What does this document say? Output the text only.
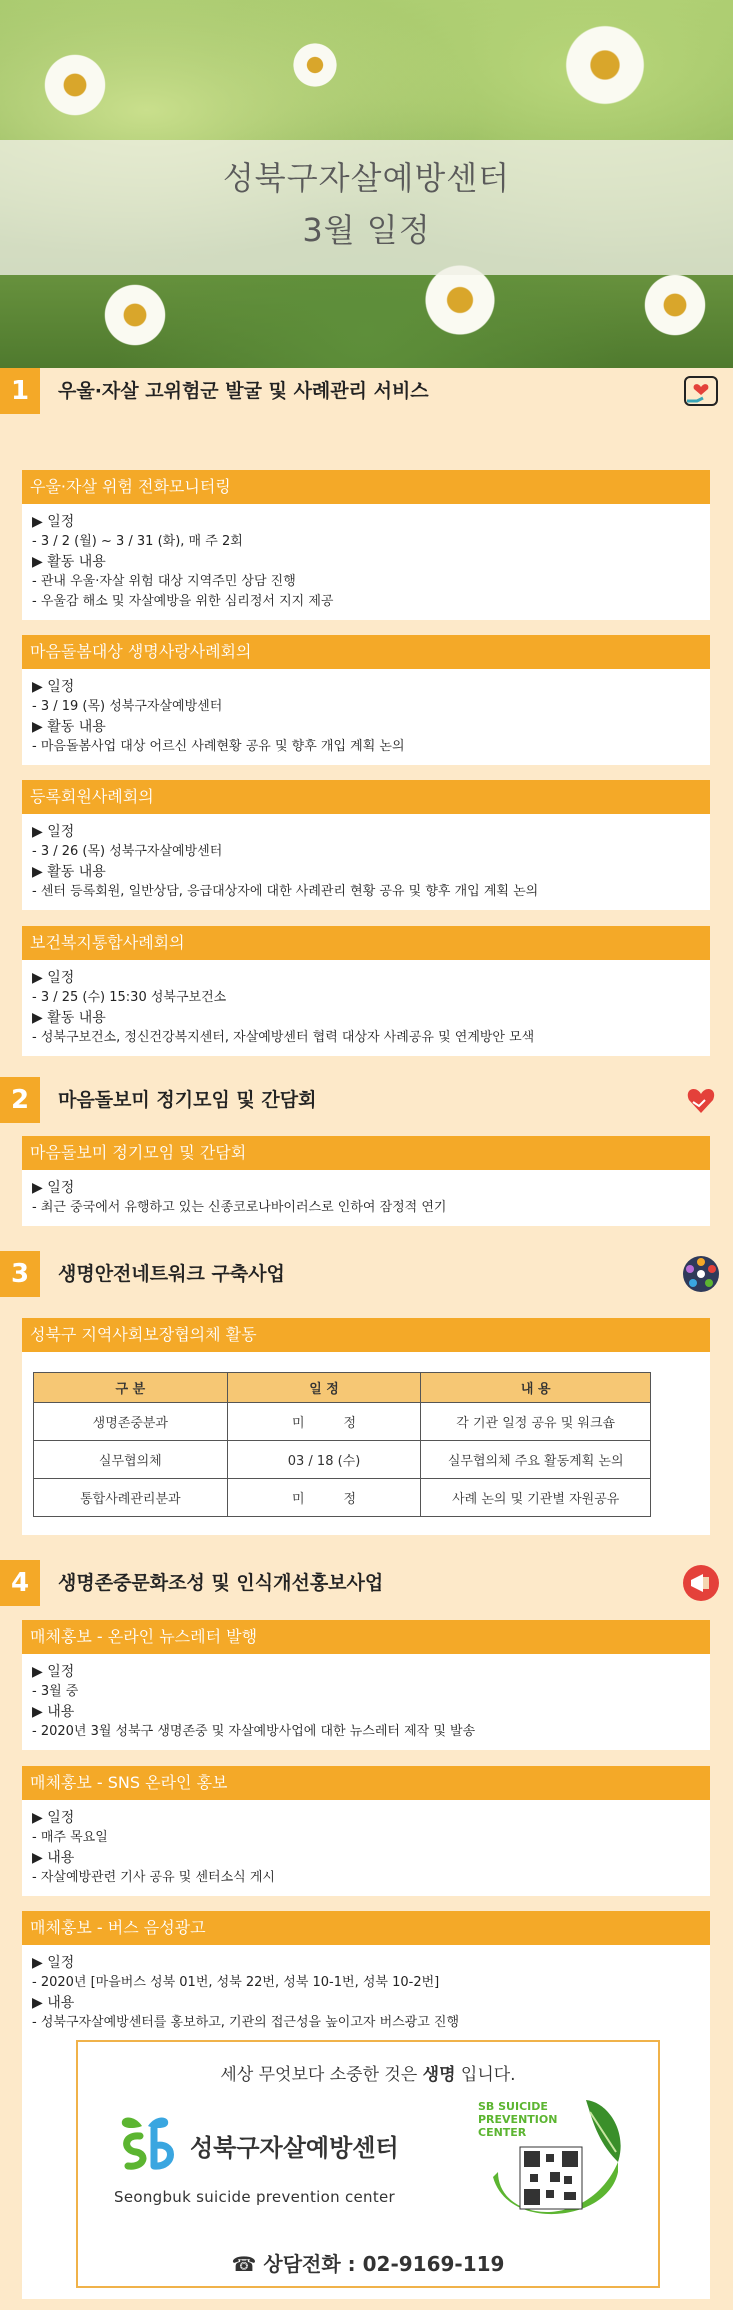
성북구자살예방센터
3월 일정
1	우울·자살 고위험군 발굴 및 사례관리 서비스
우울·자살 위험 전화모니터링
▶ 일정
- 3 / 2 (월) ~ 3 / 31 (화), 매 주 2회
▶ 활동 내용
- 관내 우울·자살 위험 대상 지역주민 상담 진행
- 우울감 해소 및 자살예방을 위한 심리정서 지지 제공
마음돌봄대상 생명사랑사례회의
▶ 일정
- 3 / 19 (목) 성북구자살예방센터
▶ 활동 내용
- 마음돌봄사업 대상 어르신 사례현황 공유 및 향후 개입 계획 논의
등록회원사례회의
▶ 일정
- 3 / 26 (목) 성북구자살예방센터
▶ 활동 내용
- 센터 등록회원, 일반상담, 응급대상자에 대한 사례관리 현황 공유 및 향후 개입 계획 논의
보건복지통합사례회의
▶ 일정
- 3 / 25 (수) 15:30 성북구보건소
▶ 활동 내용
- 성북구보건소, 정신건강복지센터, 자살예방센터 협력 대상자 사례공유 및 연계방안 모색
2	마음돌보미 정기모임 및 간담회
마음돌보미 정기모임 및 간담회
▶ 일정
- 최근 중국에서 유행하고 있는 신종코로나바이러스로 인하여 잠정적 연기
3	생명안전네트워크 구축사업
성북구 지역사회보장협의체 활동
구 분	일 정	내 용
생명존중분과	미　　　정	각 기관 일정 공유 및 워크숍
실무협의체	03 / 18 (수)	실무협의체 주요 활동계획 논의
통합사례관리분과	미　　　정	사례 논의 및 기관별 자원공유
4	생명존중문화조성 및 인식개선홍보사업
매체홍보 - 온라인 뉴스레터 발행
▶ 일정
- 3월 중
▶ 내용
- 2020년 3월 성북구 생명존중 및 자살예방사업에 대한 뉴스레터 제작 및 발송
매체홍보 - SNS 온라인 홍보
▶ 일정
- 매주 목요일
▶ 내용
- 자살예방관련 기사 공유 및 센터소식 게시
매체홍보 - 버스 음성광고
▶ 일정
- 2020년 [마을버스 성북 01번, 성북 22번, 성북 10-1번, 성북 10-2번]
▶ 내용
- 성북구자살예방센터를 홍보하고, 기관의 접근성을 높이고자 버스광고 진행
세상 무엇보다 소중한 것은 생명 입니다.
성북구자살예방센터
Seongbuk suicide prevention center
SB SUICIDE
PREVENTION
CENTER
☎ 상담전화 : 02-9169-119
